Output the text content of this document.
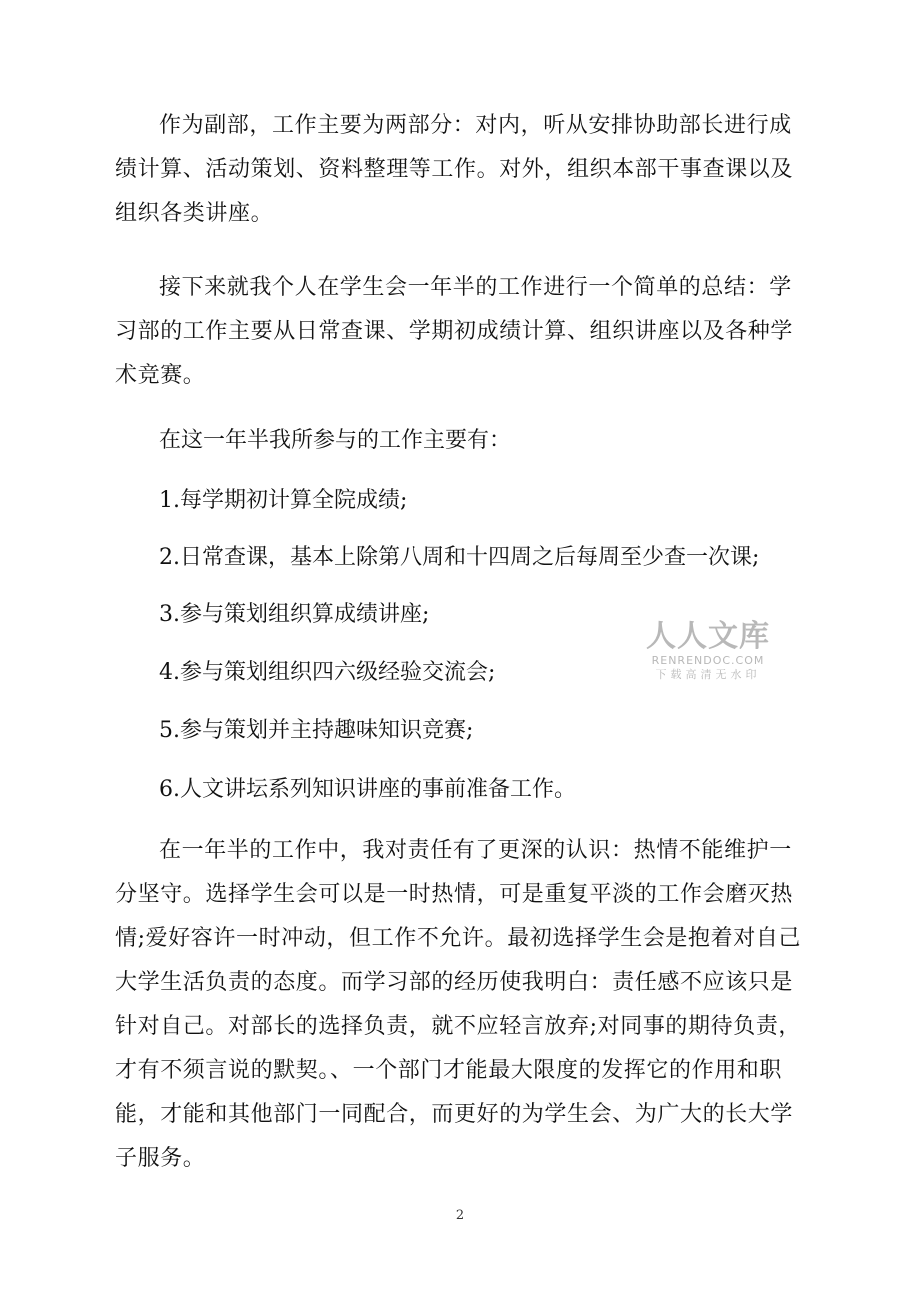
作为副部，工作主要为两部分：对内，听从安排协助部长进行成绩计算、活动策划、资料整理等工作。对外，组织本部干事查课以及组织各类讲座。

接下来就我个人在学生会一年半的工作进行一个简单的总结：学习部的工作主要从日常查课、学期初成绩计算、组织讲座以及各种学术竞赛。

在这一年半我所参与的工作主要有：

1.每学期初计算全院成绩;

2.日常查课，基本上除第八周和十四周之后每周至少查一次课;

3.参与策划组织算成绩讲座;

4.参与策划组织四六级经验交流会;

5.参与策划并主持趣味知识竞赛;

6.人文讲坛系列知识讲座的事前准备工作。

在一年半的工作中，我对责任有了更深的认识：热情不能维护一分坚守。选择学生会可以是一时热情，可是重复平淡的工作会磨灭热情;爱好容许一时冲动，但工作不允许。最初选择学生会是抱着对自己大学生活负责的态度。而学习部的经历使我明白：责任感不应该只是针对自己。对部长的选择负责，就不应轻言放弃;对同事的期待负责，才有不须言说的默契。、一个部门才能最大限度的发挥它的作用和职能，才能和其他部门一同配合，而更好的为学生会、为广大的长大学子服务。

人人文库
RENRENDOC.COM
下载高清无水印
2
